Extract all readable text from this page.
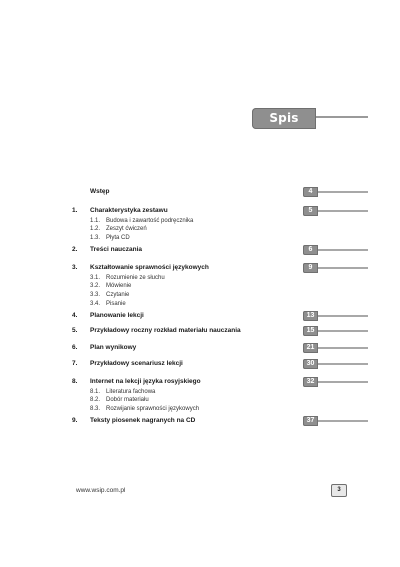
Spis treści
Wstęp	4
1.	Charakterystyka zestawu	5
1.1. Budowa i zawartość podręcznika
1.2. Zeszyt ćwiczeń
1.3. Płyta CD
2.	Treści nauczania	6
3.	Kształtowanie sprawności językowych	9
3.1. Rozumienie ze słuchu
3.2. Mówienie
3.3. Czytanie
3.4. Pisanie
4.	Planowanie lekcji	13
5.	Przykładowy roczny rozkład materiału nauczania	15
6.	Plan wynikowy	21
7.	Przykładowy scenariusz lekcji	30
8.	Internet na lekcji języka rosyjskiego	32
8.1. Literatura fachowa
8.2. Dobór materiału
8.3. Rozwijanie sprawności językowych
9.	Teksty piosenek nagranych na CD	37
www.wsip.com.pl	3
